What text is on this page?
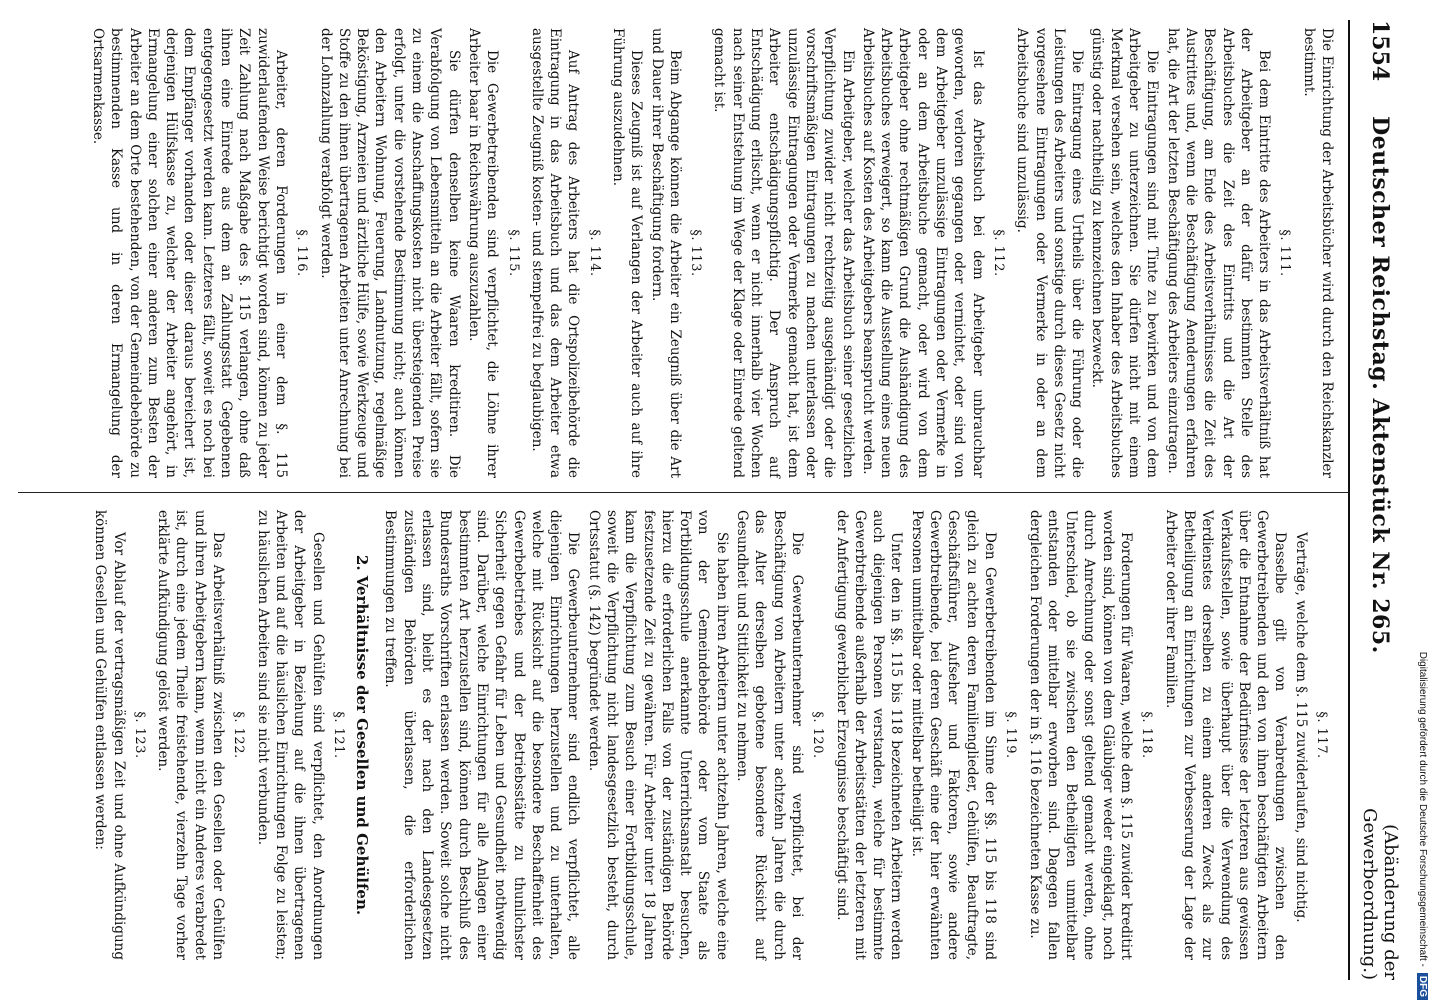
1554
Deutscher Reichstag. Aktenstück Nr. 265.
(Abänderung der Gewerbeordnung.)

Die Einrichtung der Arbeitsbücher wird durch den Reichskanzler bestimmt.

§. 111.

Bei dem Eintritte des Arbeiters in das Arbeitsverhältniß hat der Arbeitgeber an der dafür bestimmten Stelle des Arbeitsbuches die Zeit des Eintritts und die Art der Beschäftigung, am Ende des Arbeitsverhältnisses die Zeit des Austrittes und, wenn die Beschäftigung Aenderungen erfahren hat, die Art der letzten Beschäftigung des Arbeiters einzutragen.

Die Eintragungen sind mit Tinte zu bewirken und von dem Arbeitgeber zu unterzeichnen. Sie dürfen nicht mit einem Merkmal versehen sein, welches den Inhaber des Arbeitsbuches günstig oder nachtheilig zu kennzeichnen bezweckt.

Die Eintragung eines Urtheils über die Führung oder die Leistungen des Arbeiters und sonstige durch dieses Gesetz nicht vorgesehene Eintragungen oder Vermerke in oder an dem Arbeitsbuche sind unzulässig.

§. 112.

Ist das Arbeitsbuch bei dem Arbeitgeber unbrauchbar geworden, verloren gegangen oder vernichtet, oder sind von dem Arbeitgeber unzulässige Eintragungen oder Vermerke in oder an dem Arbeitsbuche gemacht, oder wird von dem Arbeitgeber ohne rechtmäßigen Grund die Aushändigung des Arbeitsbuches verweigert, so kann die Ausstellung eines neuen Arbeitsbuches auf Kosten des Arbeitgebers beansprucht werden.

Ein Arbeitgeber, welcher das Arbeitsbuch seiner gesetzlichen Verpflichtung zuwider nicht rechtzeitig ausgehändigt oder die vorschriftsmäßigen Eintragungen zu machen unterlassen oder unzulässige Eintragungen oder Vermerke gemacht hat, ist dem Arbeiter entschädigungspflichtig. Der Anspruch auf Entschädigung erlischt, wenn er nicht innerhalb vier Wochen nach seiner Entstehung im Wege der Klage oder Einrede geltend gemacht ist.

§. 113.

Beim Abgange können die Arbeiter ein Zeugniß über die Art und Dauer ihrer Beschäftigung fordern.

Dieses Zeugniß ist auf Verlangen der Arbeiter auch auf ihre Führung auszudehnen.

§. 114.

Auf Antrag des Arbeiters hat die Ortspolizeibehörde die Eintragung in das Arbeitsbuch und das dem Arbeiter etwa ausgestellte Zeugniß kosten- und stempelfrei zu beglaubigen.

§. 115.

Die Gewerbetreibenden sind verpflichtet, die Löhne ihrer Arbeiter baar in Reichswährung auszuzahlen.

Sie dürfen denselben keine Waaren kreditiren. Die Verabfolgung von Lebensmitteln an die Arbeiter fällt, sofern sie zu einem die Anschaffungskosten nicht übersteigenden Preise erfolgt, unter die vorstehende Bestimmung nicht; auch können den Arbeitern Wohnung, Feuerung, Landnutzung, regelmäßige Beköstigung, Arzneien und ärztliche Hülfe, sowie Werkzeuge und Stoffe zu den ihnen übertragenen Arbeiten unter Anrechnung bei der Lohnzahlung verabfolgt werden.

§. 116.

Arbeiter, deren Forderungen in einer dem §. 115 zuwiderlaufenden Weise berichtigt worden sind, können zu jeder Zeit Zahlung nach Maßgabe des §. 115 verlangen, ohne daß ihnen eine Einrede aus dem an Zahlungsstatt Gegebenen entgegengesetzt werden kann. Letzteres fällt, soweit es noch bei dem Empfänger vorhanden oder dieser daraus bereichert ist, derjenigen Hülfskasse zu, welcher der Arbeiter angehört, in Ermangelung einer solchen einer anderen zum Besten der Arbeiter an dem Orte bestehenden, von der Gemeindebehörde zu bestimmenden Kasse und in deren Ermangelung der Ortsarmenkasse.

§. 117.

Verträge, welche dem §. 115 zuwiderlaufen, sind nichtig.

Dasselbe gilt von Verabredungen zwischen den Gewerbetreibenden und den von ihnen beschäftigten Arbeitern über die Entnahme der Bedürfnisse der letzteren aus gewissen Verkaufsstellen, sowie überhaupt über die Verwendung des Verdienstes derselben zu einem anderen Zweck als zur Betheiligung an Einrichtungen zur Verbesserung der Lage der Arbeiter oder ihrer Familien.

§. 118.

Forderungen für Waaren, welche dem §. 115 zuwider kreditirt worden sind, können von dem Gläubiger weder eingeklagt, noch durch Anrechnung oder sonst geltend gemacht werden, ohne Unterschied, ob sie zwischen den Betheiligten unmittelbar entstanden oder mittelbar erworben sind. Dagegen fallen dergleichen Forderungen der in §. 116 bezeichneten Kasse zu.

§. 119.

Den Gewerbetreibenden im Sinne der §§. 115 bis 118 sind gleich zu achten deren Familienglieder, Gehülfen, Beauftragte, Geschäftsführer, Aufseher und Faktoren, sowie andere Gewerbtreibende, bei deren Geschäft eine der hier erwähnten Personen unmittelbar oder mittelbar betheiligt ist.

Unter den in §§. 115 bis 118 bezeichneten Arbeitern werden auch diejenigen Personen verstanden, welche für bestimmte Gewerbtreibende außerhalb der Arbeitsstätten der letzteren mit der Anfertigung gewerblicher Erzeugnisse beschäftigt sind.

§. 120.

Die Gewerbeunternehmer sind verpflichtet, bei der Beschäftigung von Arbeitern unter achtzehn Jahren die durch das Alter derselben gebotene besondere Rücksicht auf Gesundheit und Sittlichkeit zu nehmen.

Sie haben ihren Arbeitern unter achtzehn Jahren, welche eine von der Gemeindebehörde oder vom Staate als Fortbildungsschule anerkannte Unterrichtsanstalt besuchen, hierzu die erforderlichen Falls von der zuständigen Behörde festzusetzende Zeit zu gewähren. Für Arbeiter unter 18 Jahren kann die Verpflichtung zum Besuch einer Fortbildungsschule, soweit die Verpflichtung nicht landesgesetzlich besteht, durch Ortsstatut (§. 142) begründet werden.

Die Gewerbeunternehmer sind endlich verpflichtet, alle diejenigen Einrichtungen herzustellen und zu unterhalten, welche mit Rücksicht auf die besondere Beschaffenheit des Gewerbebetriebes und der Betriebsstätte zu thunlichster Sicherheit gegen Gefahr für Leben und Gesundheit nothwendig sind. Darüber, welche Einrichtungen für alle Anlagen einer bestimmten Art herzustellen sind, können durch Beschluß des Bundesraths Vorschriften erlassen werden. Soweit solche nicht erlassen sind, bleibt es der nach den Landesgesetzen zuständigen Behörden überlassen, die erforderlichen Bestimmungen zu treffen.

2. Verhältnisse der Gesellen und Gehülfen.

§. 121.

Gesellen und Gehülfen sind verpflichtet, den Anordnungen der Arbeitgeber in Beziehung auf die ihnen übertragenen Arbeiten und auf die häuslichen Einrichtungen Folge zu leisten; zu häuslichen Arbeiten sind sie nicht verbunden.

§. 122.

Das Arbeitsverhältniß zwischen den Gesellen oder Gehülfen und ihren Arbeitgebern kann, wenn nicht ein Anderes verabredet ist, durch eine jedem Theile freistehende, vierzehn Tage vorher erklärte Aufkündigung gelöst werden.

§. 123.

Vor Ablauf der vertragsmäßigen Zeit und ohne Aufkündigung können Gesellen und Gehülfen entlassen werden:	Digitalisierung gefördert durch die Deutsche Forschungsgemeinschaft -
DFG
